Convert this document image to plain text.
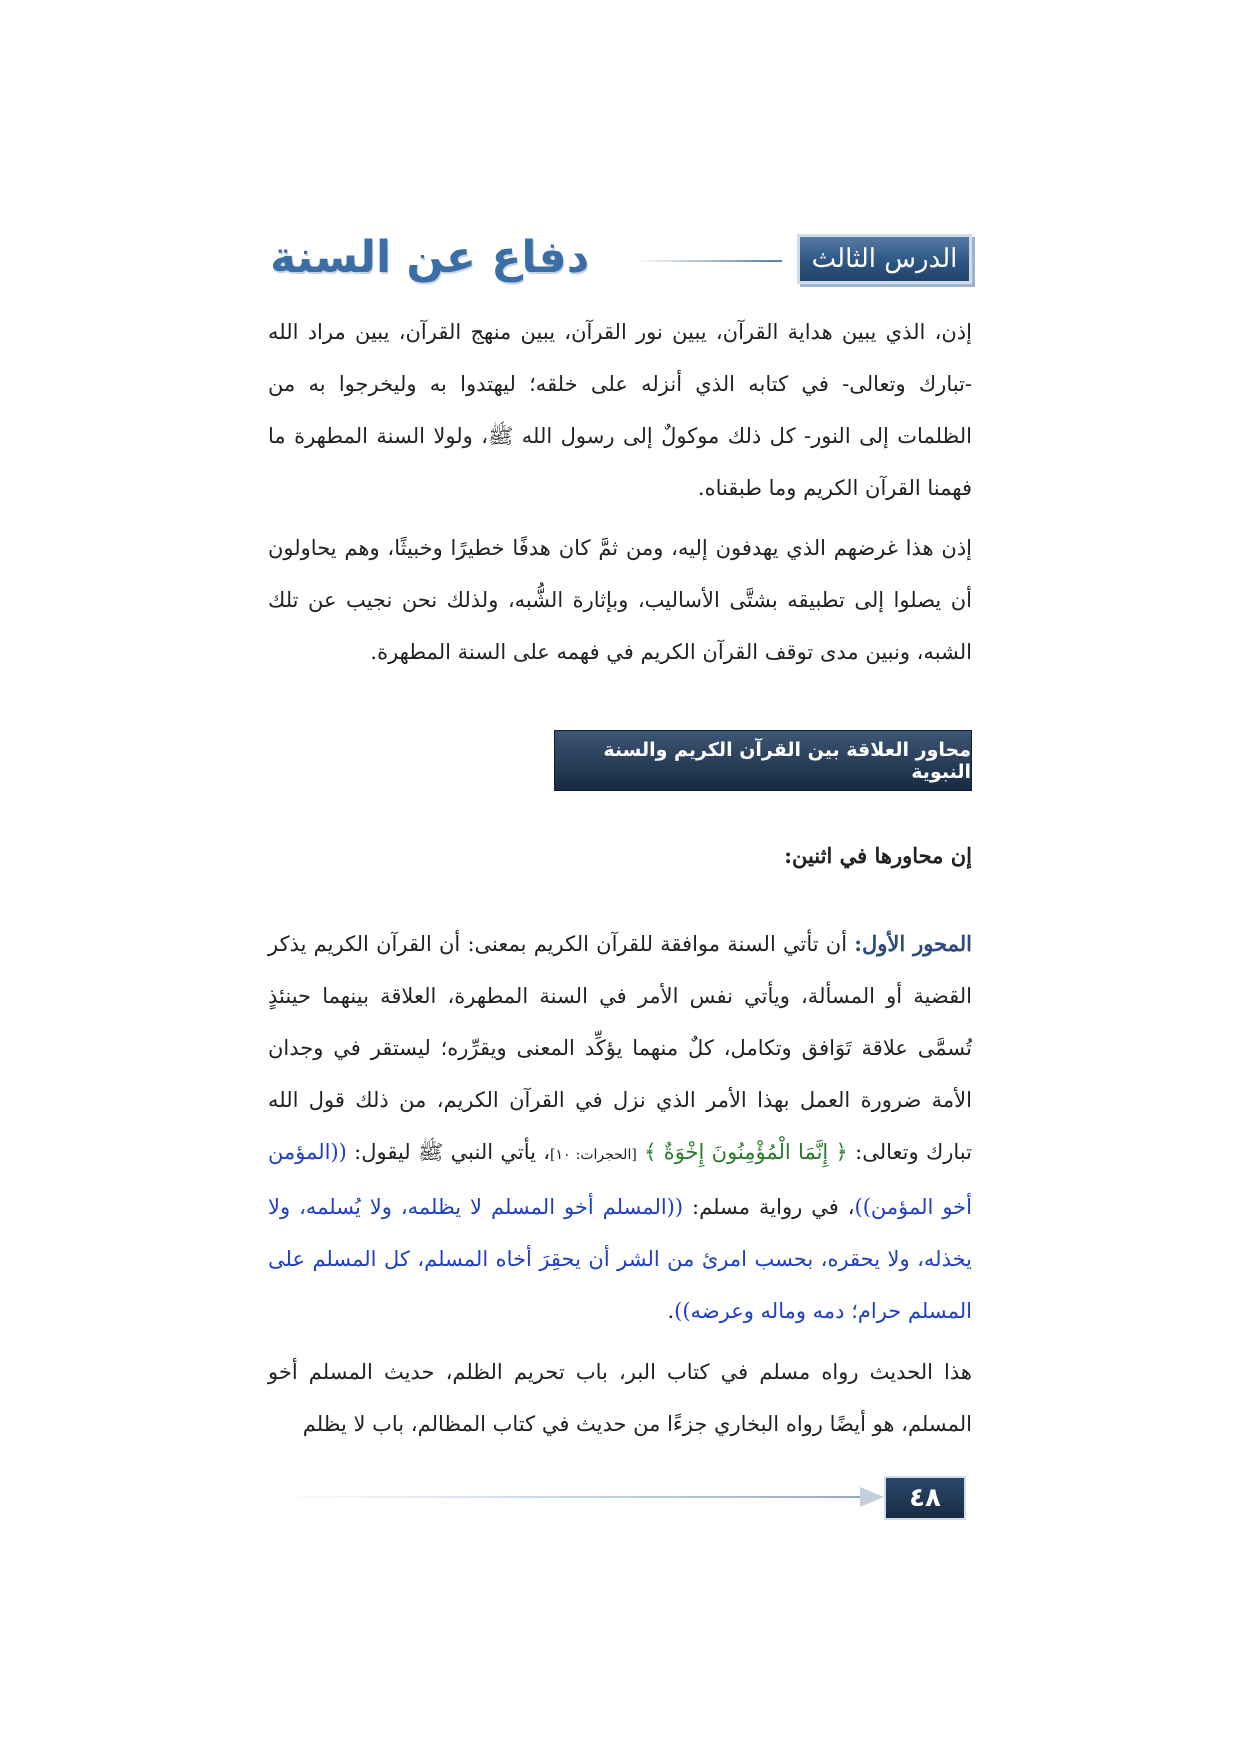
الدرس الثالث
دفاع عن السنة

إذن، الذي يبين هداية القرآن، يبين نور القرآن، يبين منهج القرآن، يبين مراد الله -تبارك وتعالى- في كتابه الذي أنزله على خلقه؛ ليهتدوا به وليخرجوا به من الظلمات إلى النور- كل ذلك موكولٌ إلى رسول الله ﷺ، ولولا السنة المطهرة ما فهمنا القرآن الكريم وما طبقناه.

إذن هذا غرضهم الذي يهدفون إليه، ومن ثمَّ كان هدفًا خطيرًا وخبيثًا، وهم يحاولون أن يصلوا إلى تطبيقه بشتَّى الأساليب، وبإثارة الشُّبه، ولذلك نحن نجيب عن تلك الشبه، ونبين مدى توقف القرآن الكريم في فهمه على السنة المطهرة.

محاور العلاقة بين القرآن الكريم والسنة النبوية

إن محاورها في اثنين:

المحور الأول: أن تأتي السنة موافقة للقرآن الكريم بمعنى: أن القرآن الكريم يذكر القضية أو المسألة، ويأتي نفس الأمر في السنة المطهرة، العلاقة بينهما حينئذٍ تُسمَّى علاقة تَوَافق وتكامل، كلٌ منهما يؤكِّد المعنى ويقرِّره؛ ليستقر في وجدان الأمة ضرورة العمل بهذا الأمر الذي نزل في القرآن الكريم، من ذلك قول الله تبارك وتعالى: ﴿ إِنَّمَا الْمُؤْمِنُونَ إِخْوَةٌ ﴾ [الحجرات: ١٠]، يأتي النبي ﷺ ليقول: ((المؤمن أخو المؤمن))، في رواية مسلم: ((المسلم أخو المسلم لا يظلمه، ولا يُسلمه، ولا يخذله، ولا يحقره، بحسب امرئ من الشر أن يحقِرَ أخاه المسلم، كل المسلم على المسلم حرام؛ دمه وماله وعرضه)).

هذا الحديث رواه مسلم في كتاب البر، باب تحريم الظلم، حديث المسلم أخو المسلم، هو أيضًا رواه البخاري جزءًا من حديث في كتاب المظالم، باب لا يظلم

٤٨
